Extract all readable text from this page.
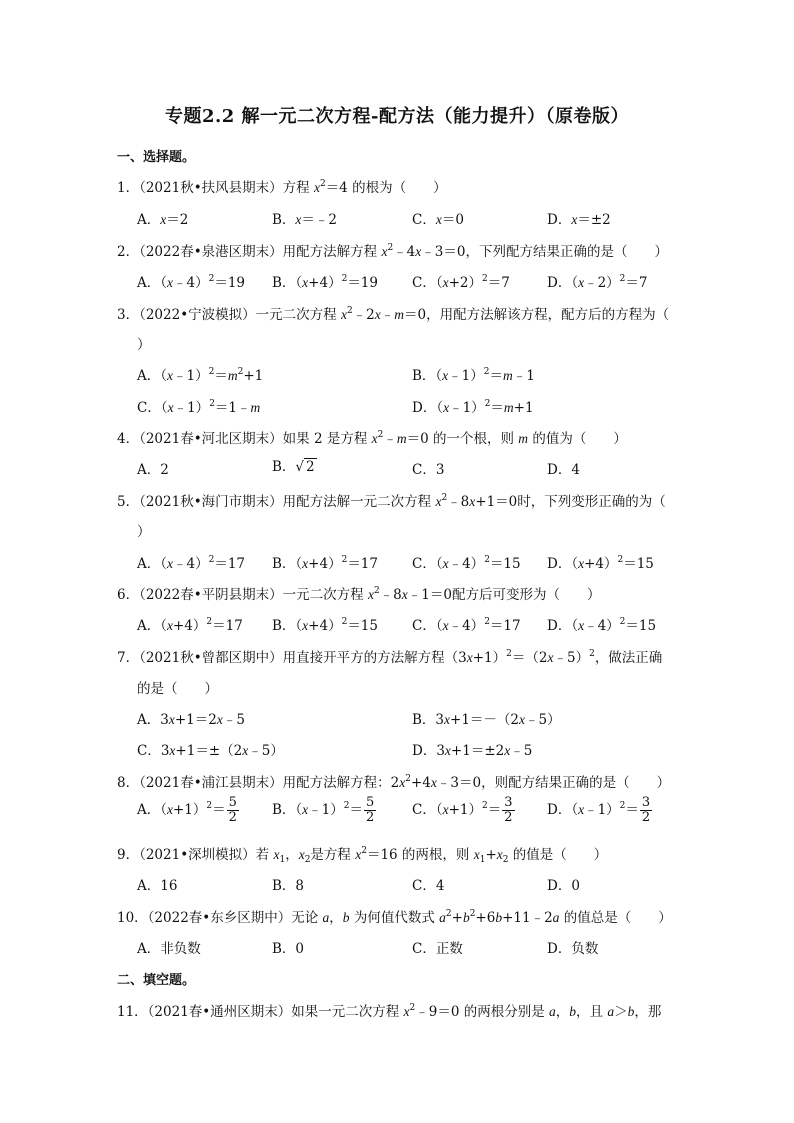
专题2.2 解一元二次方程-配方法（能力提升）（原卷版）
一、选择题。
1．（2021秋•扶风县期末）方程 $x^2=4$ 的根为（　　）
A．x＝2	B．x＝﹣2	C．x＝0	D．x＝±2
2．（2022春•泉港区期末）用配方法解方程 $x^2﹣4x﹣3=0$，下列配方结果正确的是（　　）
A．（x﹣4）$^2$＝19 B．$(x+4)^2=19$	C．$(x+2)^2=7$	D．（x﹣2）$^2$＝7
3．（2022•宁波模拟）一元二次方程 $x^2﹣2x﹣m=0$，用配方法解该方程，配方后的方程为（
）
A．$(x﹣1)^2=m^2+1$	B．（x﹣1）$^2$＝m﹣1
C．（x﹣1）$^2$＝1﹣m	D．（x﹣1）$^2$＝m+1
4．（2021春•河北区期末）如果 2 是方程 $x^2﹣m=0$ 的一个根，则 m 的值为（　　）
A．2	B．√ 2	C．3	D．4
5．（2021秋•海门市期末）用配方法解一元二次方程 $x^2﹣8x+1=0$时，下列变形正确的为（
）
A．（x﹣4）$^2$＝17 B．$(x+4)^2=17$	C．（x﹣4）$^2$＝15 D．$(x+4)^2=15$
6．（2022春•平阴县期末）一元二次方程 $x^2﹣8x﹣1=0$配方后可变形为（　　）
A．$(x+4)^2=17$ B．$(x+4)^2=15$	C．（x﹣4）$^2$＝17 D．（x﹣4）$^2$＝15
7．（2021秋•曾都区期中）用直接开平方的方法解方程$(3x+1)^2=(2x﹣5)^2$，做法正确
的是（　　）
A．3x+1＝2x﹣5	B．3x+1＝－（2x﹣5）
C．3x+1＝±（2x﹣5）	D．3x+1＝±2x﹣5
8．（2021春•浦江县期末）用配方法解方程：$2x^2+4x﹣3=0$，则配方结果正确的是（　　）
A．$(x+1)^2= \frac{5}{2}$ B．（x﹣1）$^2$＝ $\frac{5}{2}$	C．$(x+1)^2= \frac{3}{2}$ D．（x﹣1）$^2$＝ $\frac{3}{2}$
9．（2021•深圳模拟）若 $x_1$，$x_2$是方程 $x^2=16$ 的两根，则 $x_1+x_2$ 的值是（　　）
A．16	B．8	C．4	D．0
10．（2022春•东乡区期中）无论 a，b 为何值代数式 $a^2+b^2+6b+11﹣2a$ 的值总是（　　）
A．非负数	B．0	C．正数	D．负数
二、填空题。
11．（2021春•通州区期末）如果一元二次方程 $x^2﹣9=0$ 的两根分别是 a，b，且 a＞b，那
